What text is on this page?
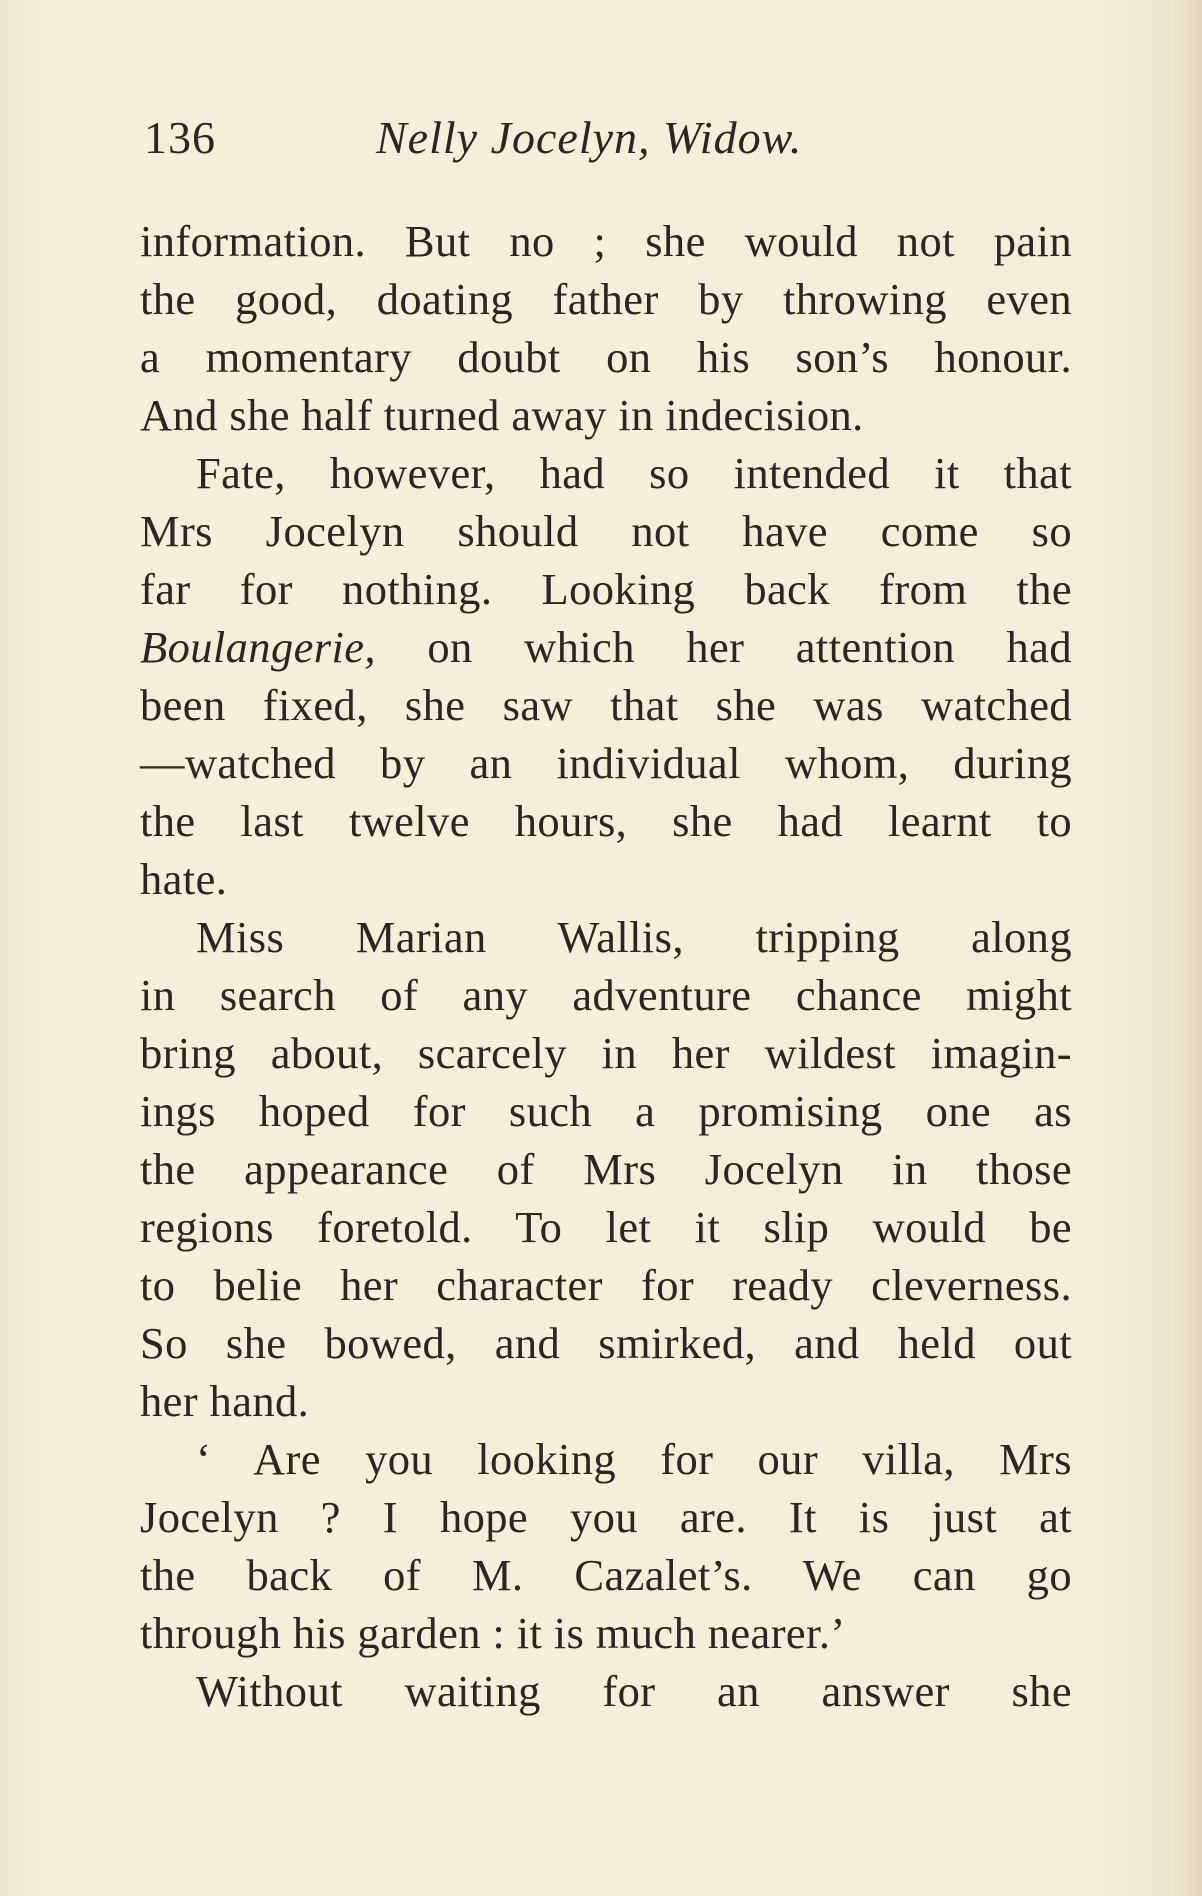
136	Nelly Jocelyn, Widow.
information. But no ; she would not pain
the good, doating father by throwing even
a momentary doubt on his son’s honour.
And she half turned away in indecision.
Fate, however, had so intended it that
Mrs Jocelyn should not have come so
far for nothing. Looking back from the
Boulangerie, on which her attention had
been fixed, she saw that she was watched
—watched by an individual whom, during
the last twelve hours, she had learnt to
hate.
Miss Marian Wallis, tripping along
in search of any adventure chance might
bring about, scarcely in her wildest imagin-
ings hoped for such a promising one as
the appearance of Mrs Jocelyn in those
regions foretold. To let it slip would be
to belie her character for ready cleverness.
So she bowed, and smirked, and held out
her hand.
‘ Are you looking for our villa, Mrs
Jocelyn ? I hope you are. It is just at
the back of M. Cazalet’s. We can go
through his garden : it is much nearer.’
Without waiting for an answer she
